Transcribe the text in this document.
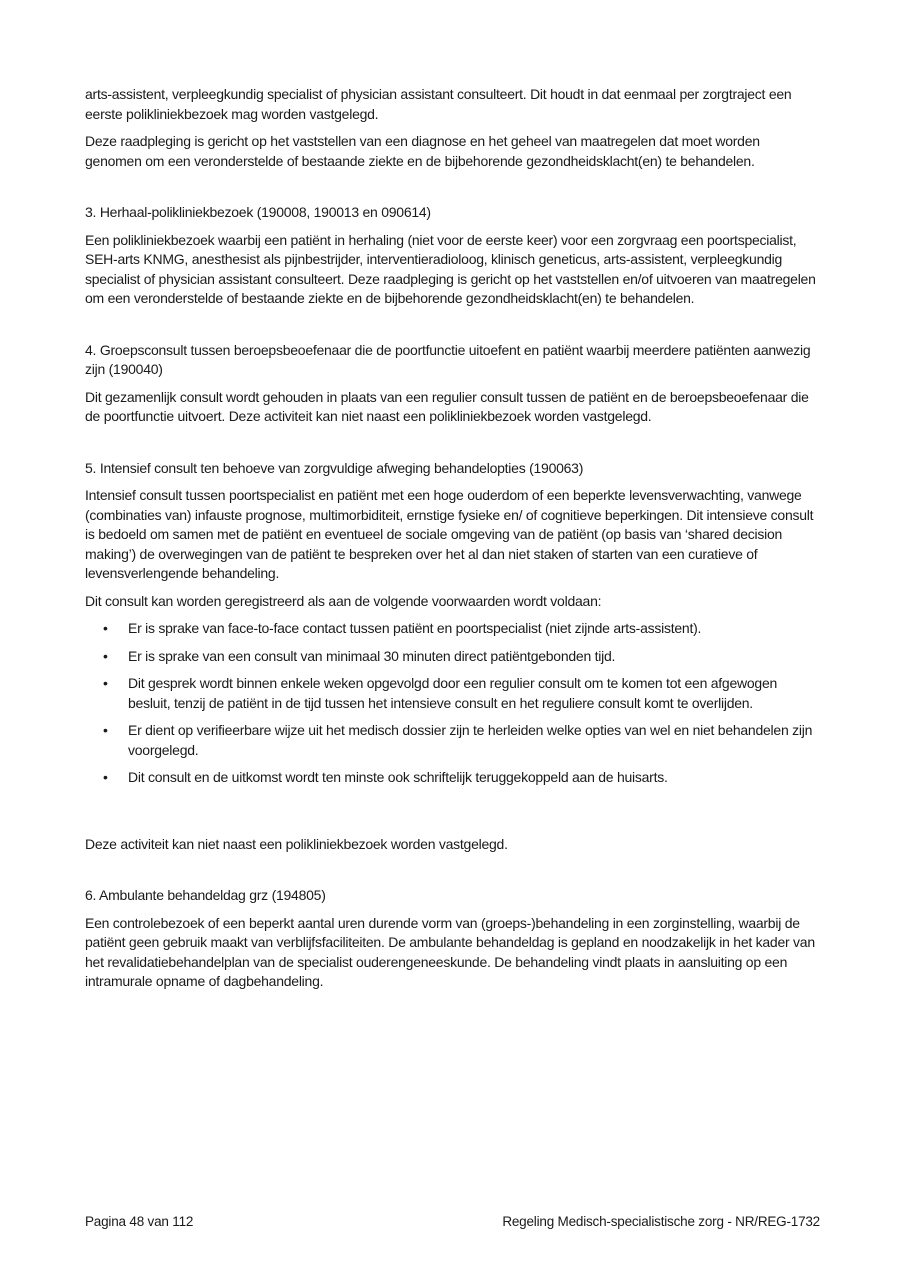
arts-assistent, verpleegkundig specialist of physician assistant consulteert. Dit houdt in dat eenmaal per zorgtraject een eerste polikliniekbezoek mag worden vastgelegd.

Deze raadpleging is gericht op het vaststellen van een diagnose en het geheel van maatregelen dat moet worden genomen om een veronderstelde of bestaande ziekte en de bijbehorende gezondheidsklacht(en) te behandelen.

3. Herhaal-polikliniekbezoek (190008, 190013 en 090614)

Een polikliniekbezoek waarbij een patiënt in herhaling (niet voor de eerste keer) voor een zorgvraag een poortspecialist, SEH-arts KNMG, anesthesist als pijnbestrijder, interventieradioloog, klinisch geneticus, arts-assistent, verpleegkundig specialist of physician assistant consulteert. Deze raadpleging is gericht op het vaststellen en/of uitvoeren van maatregelen om een veronderstelde of bestaande ziekte en de bijbehorende gezondheidsklacht(en) te behandelen.

4. Groepsconsult tussen beroepsbeoefenaar die de poortfunctie uitoefent en patiënt waarbij meerdere patiënten aanwezig zijn (190040)

Dit gezamenlijk consult wordt gehouden in plaats van een regulier consult tussen de patiënt en de beroepsbeoefenaar die de poortfunctie uitvoert. Deze activiteit kan niet naast een polikliniekbezoek worden vastgelegd.

5. Intensief consult ten behoeve van zorgvuldige afweging behandelopties (190063)

Intensief consult tussen poortspecialist en patiënt met een hoge ouderdom of een beperkte levensverwachting, vanwege (combinaties van) infauste prognose, multimorbiditeit, ernstige fysieke en/ of cognitieve beperkingen. Dit intensieve consult is bedoeld om samen met de patiënt en eventueel de sociale omgeving van de patiënt (op basis van ‘shared decision making’) de overwegingen van de patiënt te bespreken over het al dan niet staken of starten van een curatieve of levensverlengende behandeling.

Dit consult kan worden geregistreerd als aan de volgende voorwaarden wordt voldaan:

• Er is sprake van face-to-face contact tussen patiënt en poortspecialist (niet zijnde arts-assistent).
• Er is sprake van een consult van minimaal 30 minuten direct patiëntgebonden tijd.
• Dit gesprek wordt binnen enkele weken opgevolgd door een regulier consult om te komen tot een afgewogen besluit, tenzij de patiënt in de tijd tussen het intensieve consult en het reguliere consult komt te overlijden.
• Er dient op verifieerbare wijze uit het medisch dossier zijn te herleiden welke opties van wel en niet behandelen zijn voorgelegd.
• Dit consult en de uitkomst wordt ten minste ook schriftelijk teruggekoppeld aan de huisarts.

Deze activiteit kan niet naast een polikliniekbezoek worden vastgelegd.

6. Ambulante behandeldag grz (194805)

Een controlebezoek of een beperkt aantal uren durende vorm van (groeps-)behandeling in een zorginstelling, waarbij de patiënt geen gebruik maakt van verblijfsfaciliteiten. De ambulante behandeldag is gepland en noodzakelijk in het kader van het revalidatiebehandelplan van de specialist ouderengeneeskunde. De behandeling vindt plaats in aansluiting op een intramurale opname of dagbehandeling.

Pagina 48 van 112	Regeling Medisch-specialistische zorg - NR/REG-1732
